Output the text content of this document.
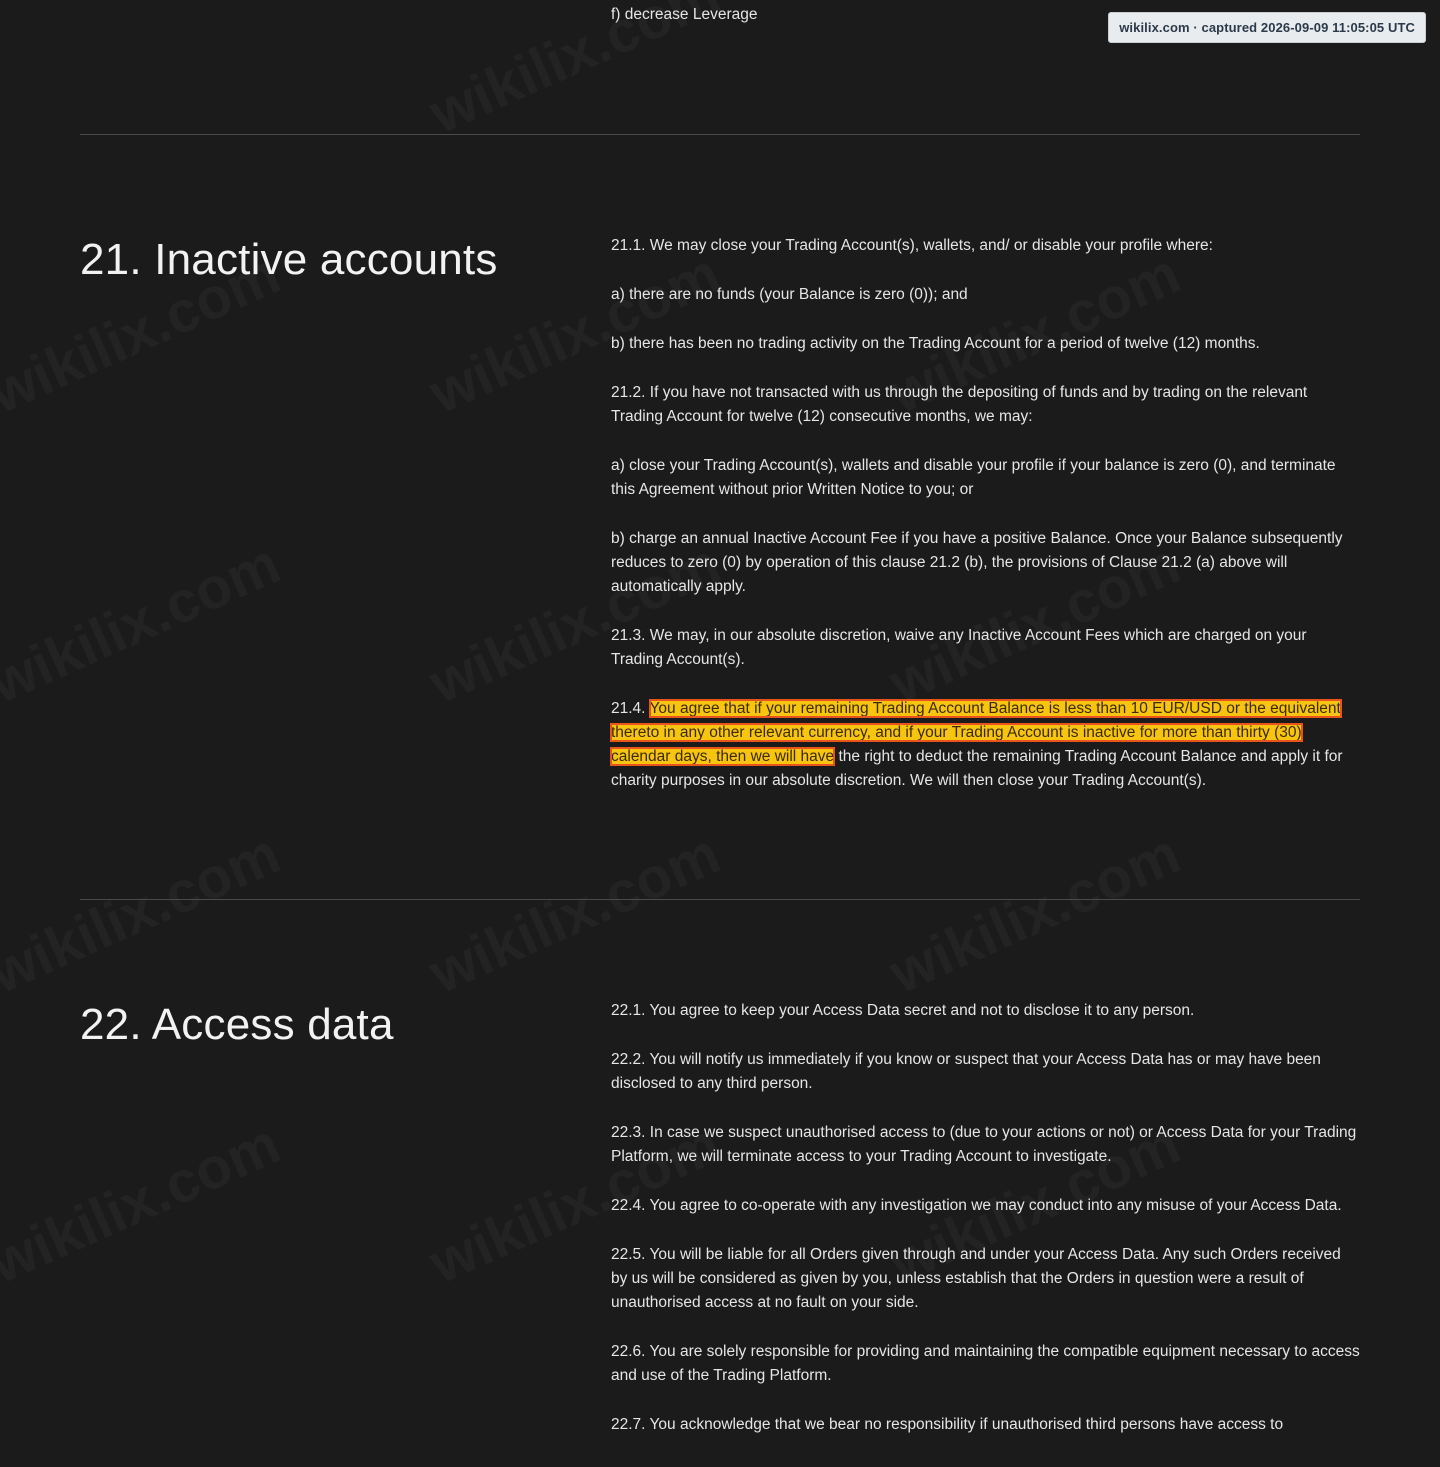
wikilix.com · captured 2026-09-09 11:05:05 UTC
f) decrease Leverage
21. Inactive accounts	21.1. We may close your Trading Account(s), wallets, and/ or disable your profile where:

a) there are no funds (your Balance is zero (0)); and

b) there has been no trading activity on the Trading Account for a period of twelve (12) months.

21.2. If you have not transacted with us through the depositing of funds and by trading on the relevant Trading Account for twelve (12) consecutive months, we may:

a) close your Trading Account(s), wallets and disable your profile if your balance is zero (0), and terminate this Agreement without prior Written Notice to you; or

b) charge an annual Inactive Account Fee if you have a positive Balance. Once your Balance subsequently reduces to zero (0) by operation of this clause 21.2 (b), the provisions of Clause 21.2 (a) above will automatically apply.

21.3. We may, in our absolute discretion, waive any Inactive Account Fees which are charged on your Trading Account(s).

21.4. You agree that if your remaining Trading Account Balance is less than 10 EUR/USD or the equivalent thereto in any other relevant currency, and if your Trading Account is inactive for more than thirty (30) calendar days, then we will have the right to deduct the remaining Trading Account Balance and apply it for charity purposes in our absolute discretion. We will then close your Trading Account(s).

22. Access data	22.1. You agree to keep your Access Data secret and not to disclose it to any person.

22.2. You will notify us immediately if you know or suspect that your Access Data has or may have been disclosed to any third person.

22.3. In case we suspect unauthorised access to (due to your actions or not) or Access Data for your Trading Platform, we will terminate access to your Trading Account to investigate.

22.4. You agree to co-operate with any investigation we may conduct into any misuse of your Access Data.

22.5. You will be liable for all Orders given through and under your Access Data. Any such Orders received by us will be considered as given by you, unless establish that the Orders in question were a result of unauthorised access at no fault on your side.

22.6. You are solely responsible for providing and maintaining the compatible equipment necessary to access and use of the Trading Platform.

22.7. You acknowledge that we bear no responsibility if unauthorised third persons have access to
